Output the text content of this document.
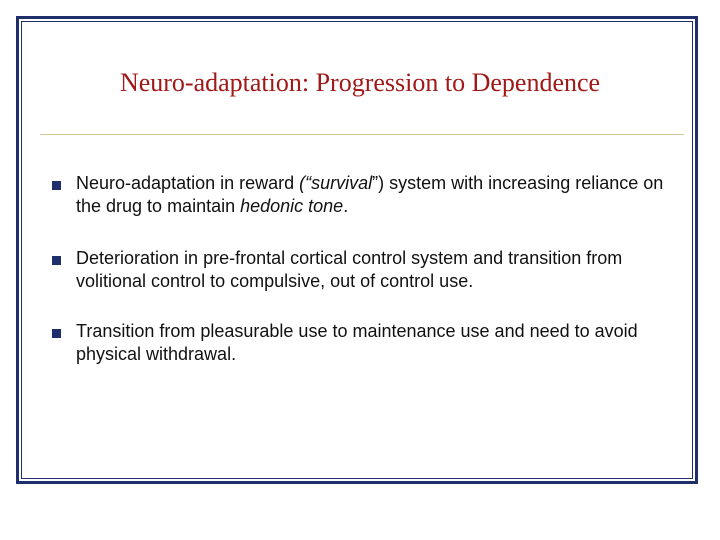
Neuro-adaptation: Progression to Dependence
Neuro-adaptation in reward (“survival”) system with increasing reliance on the drug to maintain hedonic tone.
Deterioration in pre-frontal cortical control system and transition from volitional control to compulsive, out of control use.
Transition from pleasurable use to maintenance use and need to avoid physical withdrawal.
